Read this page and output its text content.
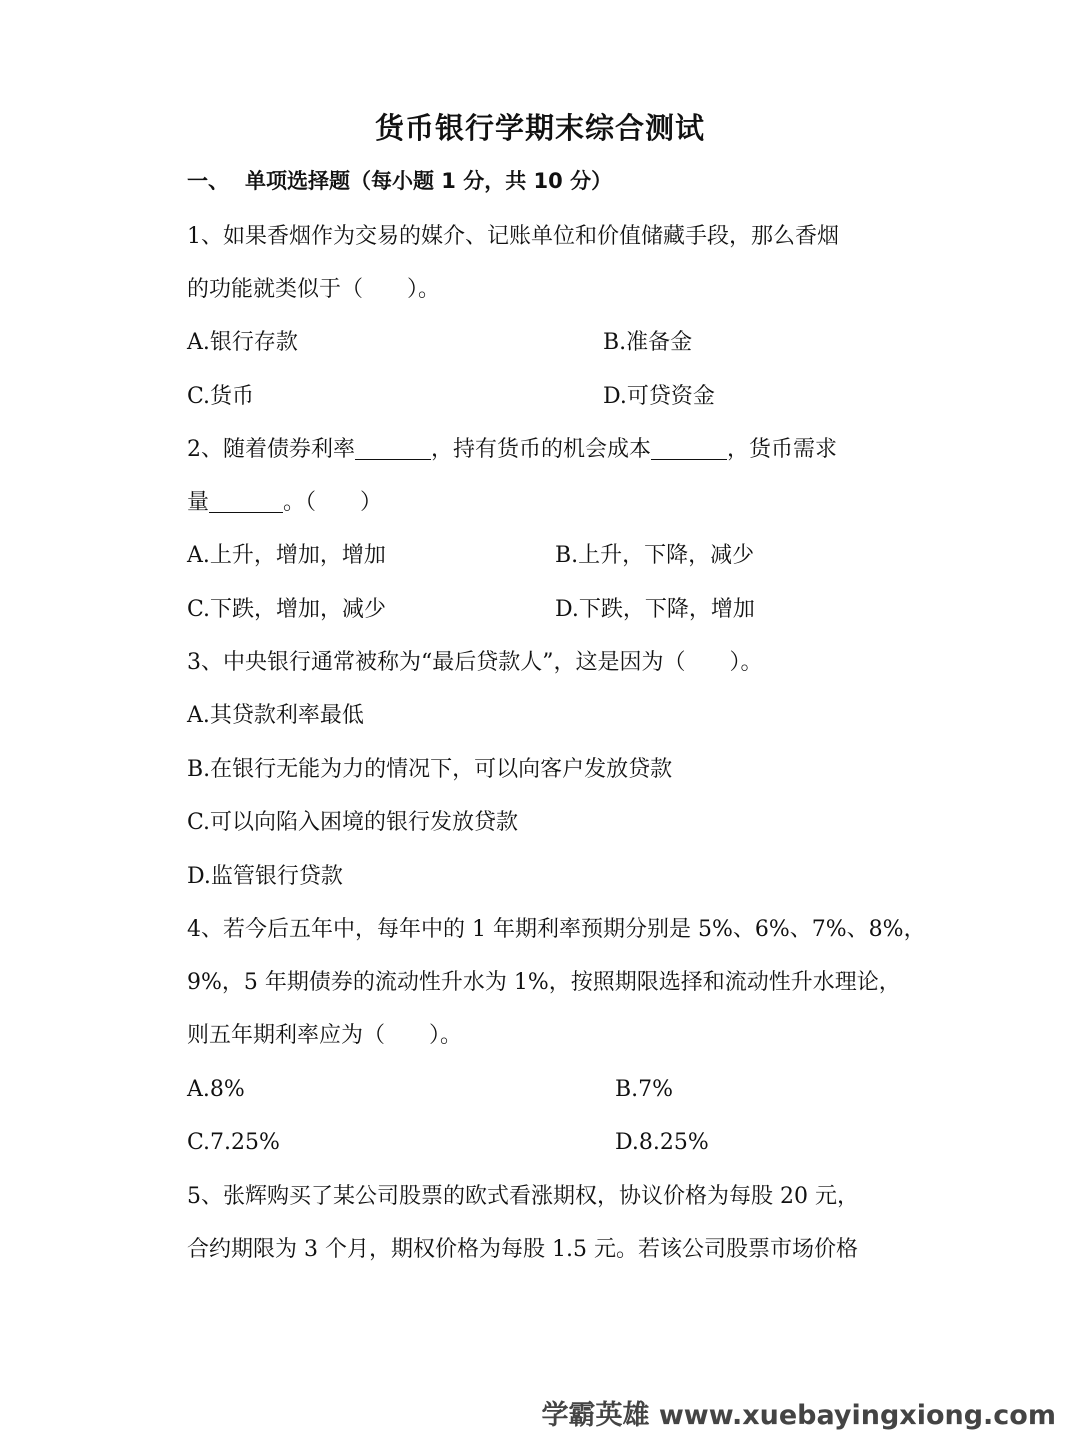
货币银行学期末综合测试
一、 单项选择题（每小题 1 分，共 10 分）
1、如果香烟作为交易的媒介、记账单位和价值储藏手段，那么香烟
的功能就类似于（　　）。
A.银行存款	B.准备金
C.货币	D.可贷资金
2、随着债券利率	，持有货币的机会成本	，货币需求
量	。（　　）
A.上升，增加，增加	B.上升，下降，减少
C.下跌，增加，减少	D.下跌，下降，增加
3、中央银行通常被称为“最后贷款人”，这是因为（　　）。
A.其贷款利率最低
B.在银行无能为力的情况下，可以向客户发放贷款
C.可以向陷入困境的银行发放贷款
D.监管银行贷款
4、若今后五年中，每年中的 1 年期利率预期分别是 5%、6%、7%、8%，
9%，5 年期债券的流动性升水为 1%，按照期限选择和流动性升水理论，
则五年期利率应为（　　）。
A.8%	B.7%
C.7.25%	D.8.25%
5、张辉购买了某公司股票的欧式看涨期权，协议价格为每股 20 元，
合约期限为 3 个月，期权价格为每股 1.5 元。若该公司股票市场价格
学霸英雄 www.xuebayingxiong.com
